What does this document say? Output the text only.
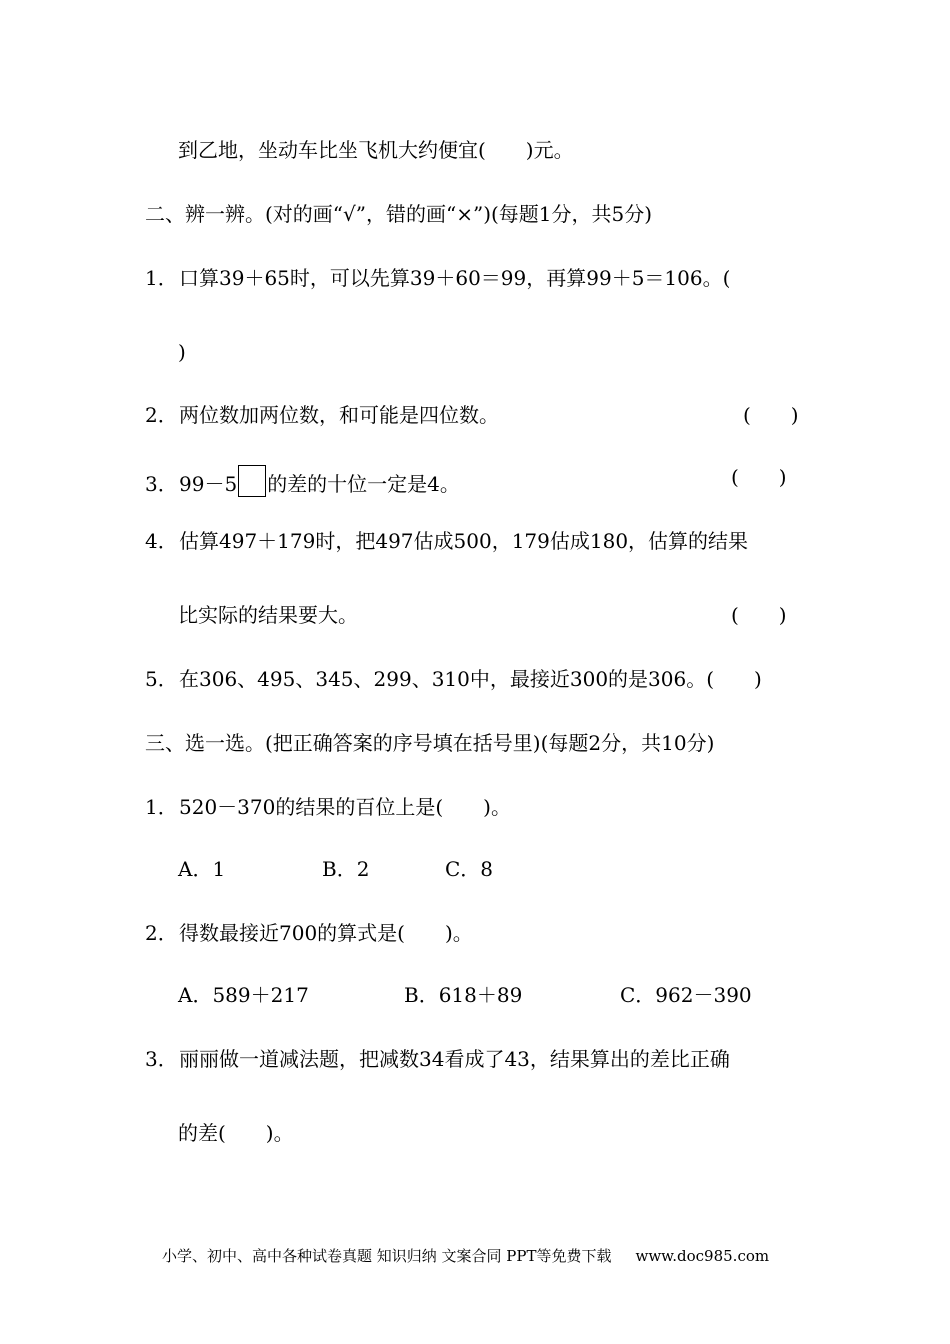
到乙地，坐动车比坐飞机大约便宜(　　)元。
二、辨一辨。(对的画“√”，错的画“×”)(每题1分，共5分)
1．口算39＋65时，可以先算39＋60＝99，再算99＋5＝106。(
)
2．两位数加两位数，和可能是四位数。	(　　)
3．99－5 的差的十位一定是4。	(　　)
4．估算497＋179时，把497估成500，179估成180，估算的结果
比实际的结果要大。	(　　)
5．在306、495、345、299、310中，最接近300的是306。(　　)
三、选一选。(把正确答案的序号填在括号里)(每题2分，共10分)
1．520－370的结果的百位上是(　　)。
A．1	B．2	C．8
2．得数最接近700的算式是(　　)。
A．589＋217	B．618＋89	C．962－390
3．丽丽做一道减法题，把减数34看成了43，结果算出的差比正确
的差(　　)。
小学、初中、高中各种试卷真题 知识归纳 文案合同 PPT等免费下载 www.doc985.com
